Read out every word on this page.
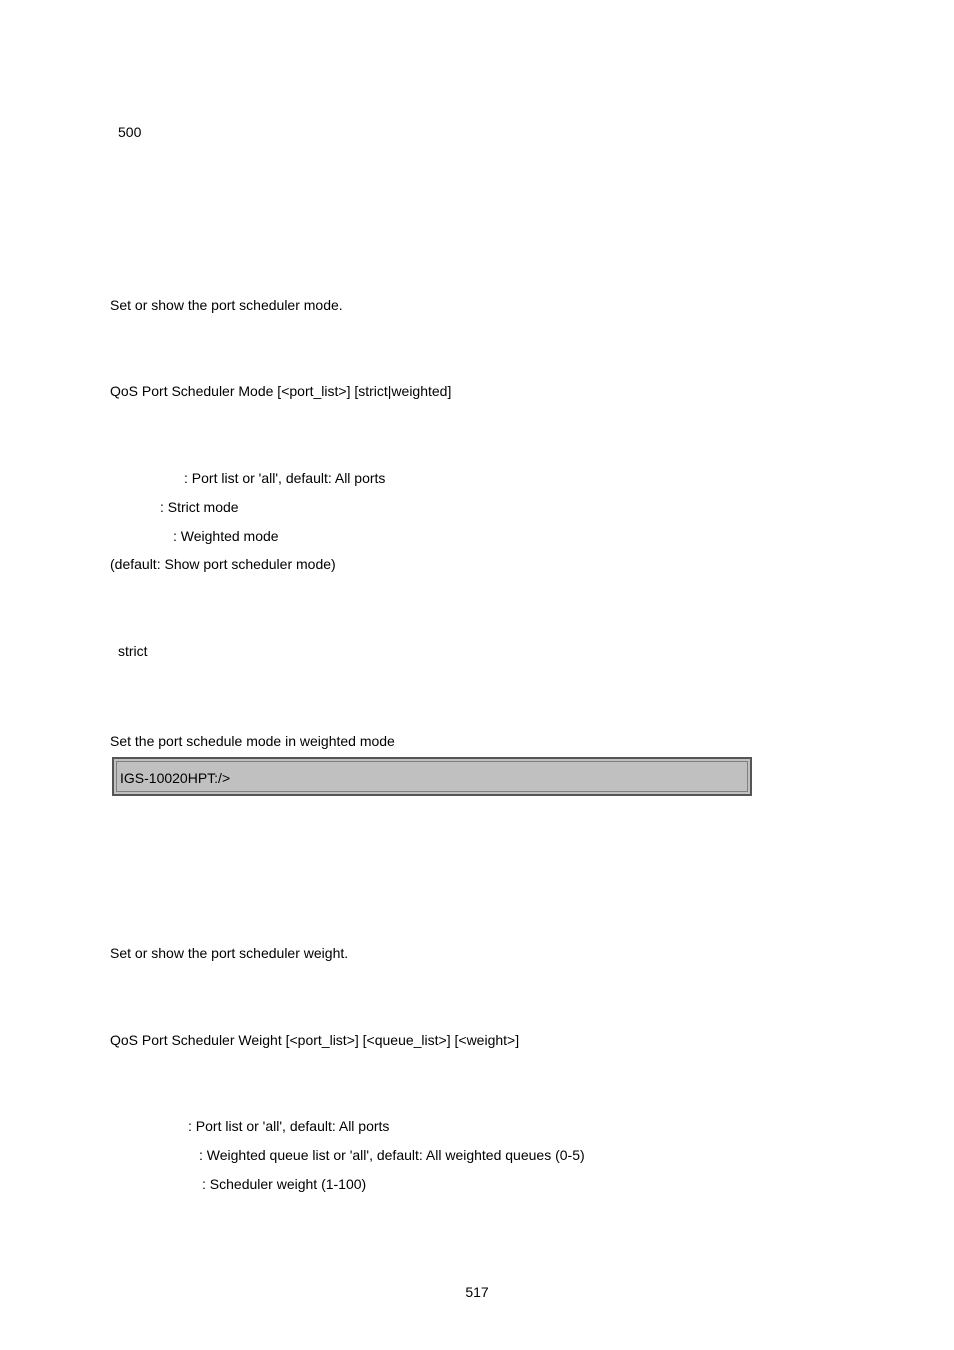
500
Set or show the port scheduler mode.
QoS Port Scheduler Mode [<port_list>] [strict|weighted]
: Port list or 'all', default: All ports
: Strict mode
: Weighted mode
(default: Show port scheduler mode)
strict
Set the port schedule mode in weighted mode
IGS-10020HPT:/>
Set or show the port scheduler weight.
QoS Port Scheduler Weight [<port_list>] [<queue_list>] [<weight>]
: Port list or 'all', default: All ports
: Weighted queue list or 'all', default: All weighted queues (0-5)
: Scheduler weight (1-100)
517
